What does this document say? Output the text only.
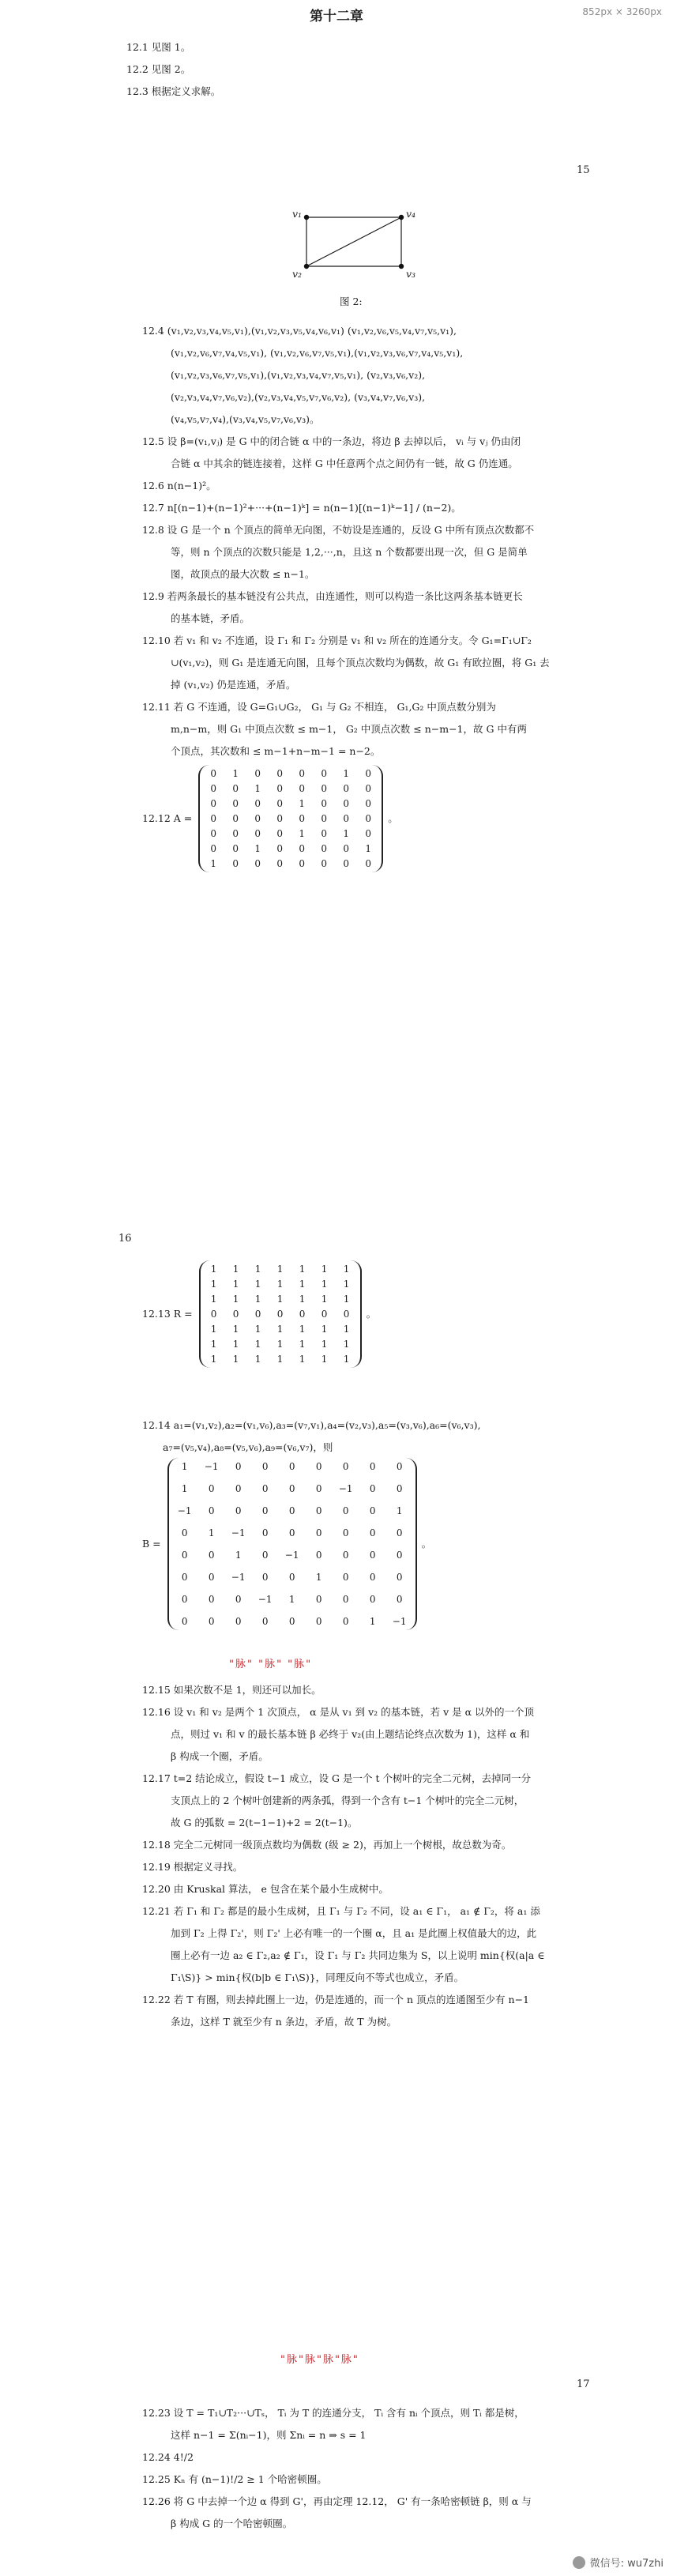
第十二章	852px × 3260px
12.1 见图 1。
12.2 见图 2。
12.3 根据定义求解。
15
v₁	v₄
v₂	v₃
图 2:
12.4 (v₁,v₂,v₃,v₄,v₅,v₁),(v₁,v₂,v₃,v₅,v₄,v₆,v₁) (v₁,v₂,v₆,v₅,v₄,v₇,v₅,v₁),
(v₁,v₂,v₆,v₇,v₄,v₅,v₁), (v₁,v₂,v₆,v₇,v₅,v₁),(v₁,v₂,v₃,v₆,v₇,v₄,v₅,v₁),
(v₁,v₂,v₃,v₆,v₇,v₅,v₁),(v₁,v₂,v₃,v₄,v₇,v₅,v₁), (v₂,v₃,v₆,v₂),
(v₂,v₃,v₄,v₇,v₆,v₂),(v₂,v₃,v₄,v₅,v₇,v₆,v₂), (v₃,v₄,v₇,v₆,v₃),
(v₄,v₅,v₇,v₄),(v₃,v₄,v₅,v₇,v₆,v₃)。
12.5 设 β=(v₁,vⱼ) 是 G 中的闭合链 α 中的一条边，将边 β 去掉以后， vᵢ 与 vⱼ 仍由闭
合链 α 中其余的链连接着，这样 G 中任意两个点之间仍有一链，故 G 仍连通。
12.6 n(n−1)²。
12.7 n[(n−1)+(n−1)²+···+(n−1)ᵏ] = n(n−1)[(n−1)ᵏ−1] / (n−2)。
12.8 设 G 是一个 n 个顶点的简单无向图，不妨设是连通的，反设 G 中所有顶点次数都不
等，则 n 个顶点的次数只能是 1,2,···,n，且这 n 个数都要出现一次，但 G 是简单
图，故顶点的最大次数 ≤ n−1。
12.9 若两条最长的基本链没有公共点，由连通性，则可以构造一条比这两条基本链更长
的基本链，矛盾。
12.10 若 v₁ 和 v₂ 不连通，设 Γ₁ 和 Γ₂ 分别是 v₁ 和 v₂ 所在的连通分支。令 G₁=Γ₁∪Γ₂
∪(v₁,v₂)，则 G₁ 是连通无向图，且每个顶点次数均为偶数，故 G₁ 有欧拉圈，将 G₁ 去
掉 (v₁,v₂) 仍是连通，矛盾。
12.11 若 G 不连通，设 G=G₁∪G₂， G₁ 与 G₂ 不相连， G₁,G₂ 中顶点数分别为
m,n−m，则 G₁ 中顶点次数 ≤ m−1， G₂ 中顶点次数 ≤ n−m−1，故 G 中有两
个顶点，其次数和 ≤ m−1+n−m−1 = n−2。
12.12 A =
0 1 0 0 0 0 1 0
0 0 1 0 0 0 0 0
0 0 0 0 1 0 0 0
0 0 0 0 0 0 0 0
0 0 0 0 1 0 1 0
0 0 1 0 0 0 0 1
1 0 0 0 0 0 0 0
。
16
12.13 R =
1 1 1 1 1 1 1
1 1 1 1 1 1 1
1 1 1 1 1 1 1
0 0 0 0 0 0 0
1 1 1 1 1 1 1
1 1 1 1 1 1 1
1 1 1 1 1 1 1
。
12.14 a₁=(v₁,v₂),a₂=(v₁,v₆),a₃=(v₇,v₁),a₄=(v₂,v₃),a₅=(v₃,v₆),a₆=(v₆,v₃),
a₇=(v₅,v₄),a₈=(v₅,v₆),a₉=(v₆,v₇)，则
B =
1	−1	0	0	0	0	0	0	0
1	0	0	0	0	0	−1	0	0
−1	0	0	0	0	0	0	0	1
0	1	−1	0	0	0	0	0	0
0	0	1	0	−1	0	0	0	0
0	0	−1	0	0	1	0	0	0
0	0	0	−1	1	0	0	0	0
0	0	0	0	0	0	0	1	−1
。
"脉" "脉" "脉"
12.15 如果次数不是 1，则还可以加长。
12.16 设 v₁ 和 v₂ 是两个 1 次顶点， α 是从 v₁ 到 v₂ 的基本链，若 v 是 α 以外的一个顶
点，则过 v₁ 和 v 的最长基本链 β 必终于 v₂(由上题结论终点次数为 1)，这样 α 和
β 构成一个圈，矛盾。
12.17 t=2 结论成立，假设 t−1 成立，设 G 是一个 t 个树叶的完全二元树，去掉同一分
支顶点上的 2 个树叶创建新的两条弧，得到一个含有 t−1 个树叶的完全二元树，
故 G 的弧数 = 2(t−1−1)+2 = 2(t−1)。
12.18 完全二元树同一级顶点数均为偶数 (级 ≥ 2)，再加上一个树根，故总数为奇。
12.19 根据定义寻找。
12.20 由 Kruskal 算法， e 包含在某个最小生成树中。
12.21 若 Γ₁ 和 Γ₂ 都是的最小生成树，且 Γ₁ 与 Γ₂ 不同，设 a₁ ∈ Γ₁， a₁ ∉ Γ₂，将 a₁ 添
加到 Γ₂ 上得 Γ₂'，则 Γ₂' 上必有唯一的一个圈 α，且 a₁ 是此圈上权值最大的边，此
圈上必有一边 a₂ ∈ Γ₂,a₂ ∉ Γ₁，设 Γ₁ 与 Γ₂ 共同边集为 S，以上说明 min{权(a|a ∈
Γ₁\S)} > min{权(b|b ∈ Γ₁\S)}，同理反向不等式也成立，矛盾。
12.22 若 T 有圈，则去掉此圈上一边，仍是连通的，而一个 n 顶点的连通图至少有 n−1
条边，这样 T 就至少有 n 条边，矛盾，故 T 为树。
"脉"脉"脉"脉"
17
12.23 设 T = T₁∪T₂···∪Tₛ， Tᵢ 为 T 的连通分支， Tᵢ 含有 nᵢ 个顶点，则 Tᵢ 都是树，
这样 n−1 = Σ(nᵢ−1)，则 Σnᵢ = n ⇒ s = 1
12.24 4!/2
12.25 Kₙ 有 (n−1)!/2 ≥ 1 个哈密顿圈。
12.26 将 G 中去掉一个边 α 得到 G'，再由定理 12.12， G' 有一条哈密顿链 β，则 α 与
β 构成 G 的一个哈密顿圈。
微信号: wu7zhi
